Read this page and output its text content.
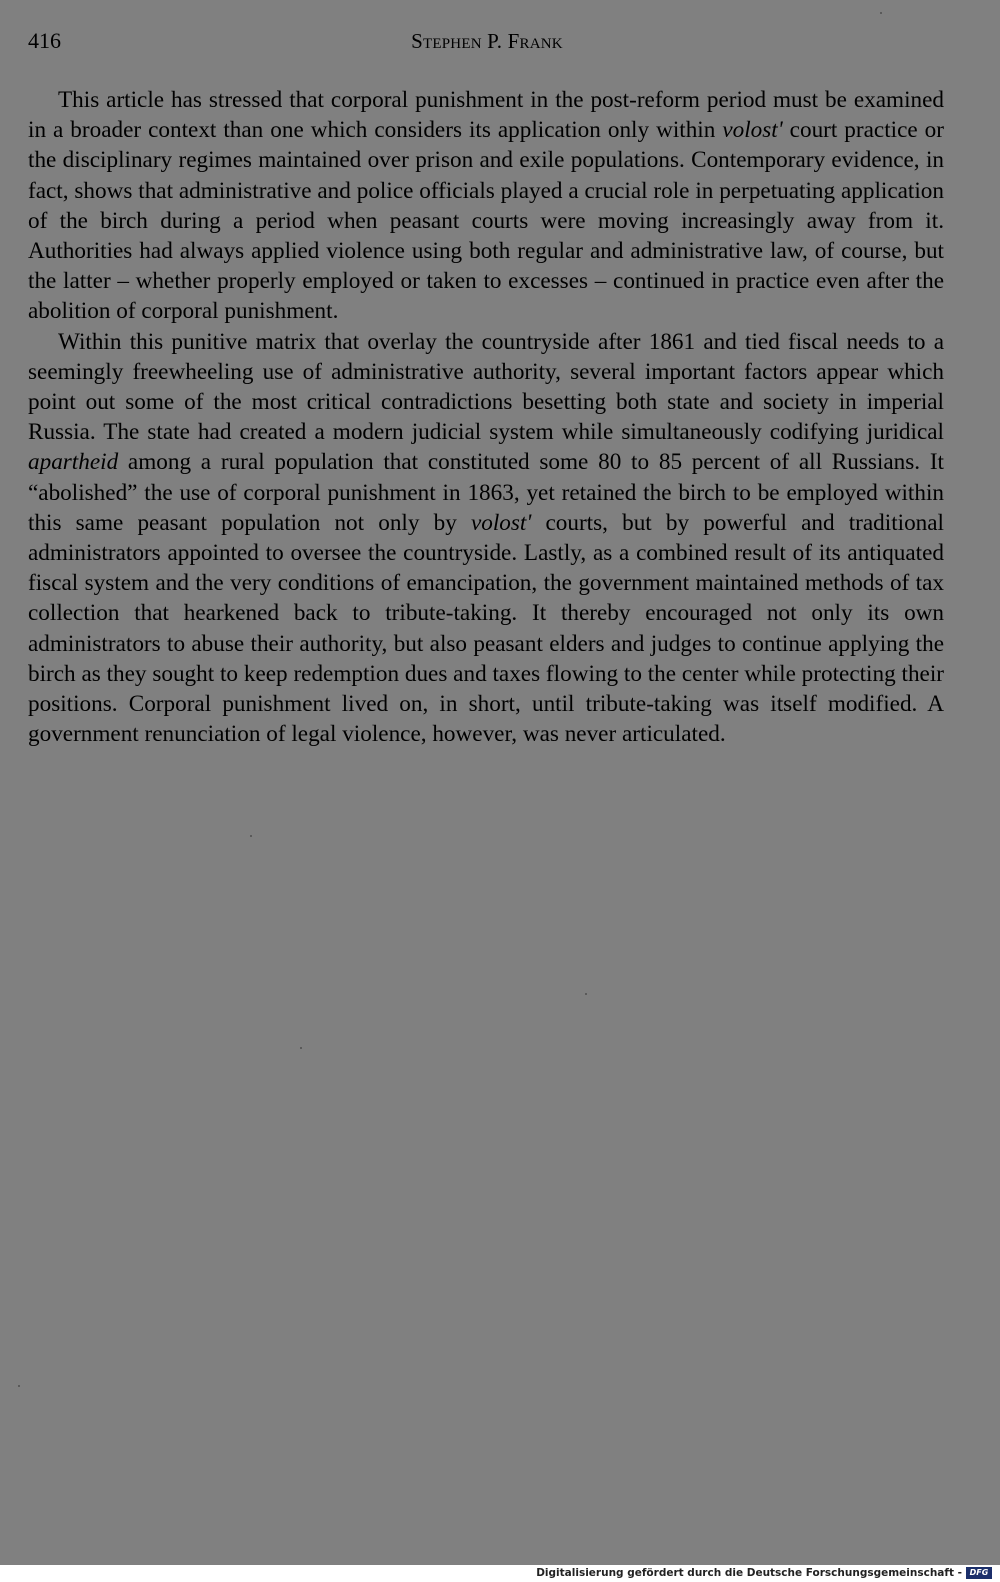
416	Stephen P. Frank

This article has stressed that corporal punishment in the post-reform period must be examined in a broader context than one which considers its application only within volost' court practice or the disciplinary regimes maintained over prison and exile populations. Contemporary evidence, in fact, shows that administrative and police officials played a crucial role in perpetuating application of the birch during a period when peasant courts were moving increasingly away from it. Authorities had always applied violence using both regular and administrative law, of course, but the latter – whether properly employed or taken to excesses – continued in practice even after the abolition of corporal punishment.

Within this punitive matrix that overlay the countryside after 1861 and tied fiscal needs to a seemingly freewheeling use of administrative authority, several important factors appear which point out some of the most critical contradictions besetting both state and society in imperial Russia. The state had created a modern judicial system while simultaneously codifying juridical apartheid among a rural population that constituted some 80 to 85 percent of all Russians. It “abolished” the use of corporal punishment in 1863, yet retained the birch to be employed within this same peasant population not only by volost' courts, but by powerful and traditional administrators appointed to oversee the countryside. Lastly, as a combined result of its antiquated fiscal system and the very conditions of emancipation, the government maintained methods of tax collection that hearkened back to tribute-taking. It thereby encouraged not only its own administrators to abuse their authority, but also peasant elders and judges to continue applying the birch as they sought to keep redemption dues and taxes flowing to the center while protecting their positions. Corporal punishment lived on, in short, until tribute-taking was itself modified. A government renunciation of legal violence, however, was never articulated.

Digitalisierung gefördert durch die Deutsche Forschungsgemeinschaft - DFG
